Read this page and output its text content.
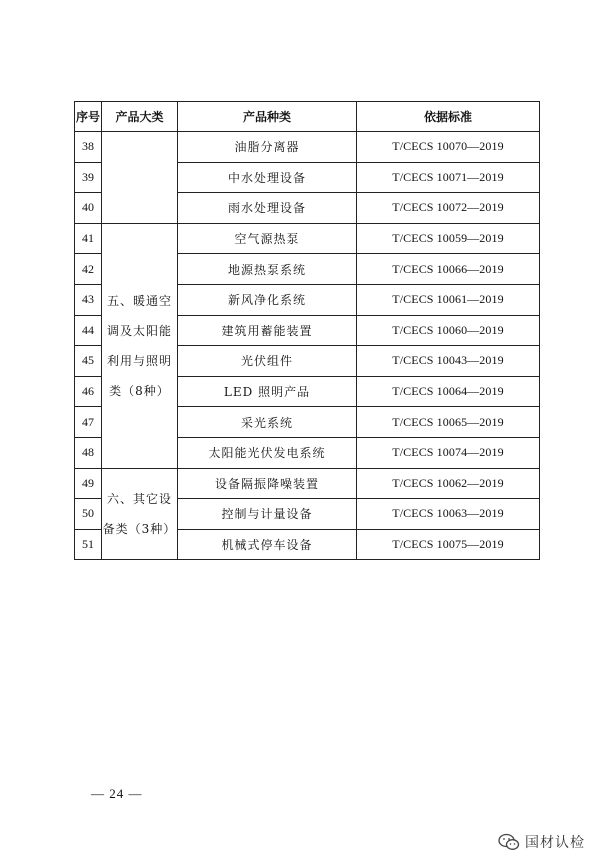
序号	产品大类	产品种类	依据标准
38		油脂分离器	T/CECS 10070—2019
39		中水处理设备	T/CECS 10071—2019
40		雨水处理设备	T/CECS 10072—2019
41	五、暖通空调及太阳能利用与照明类（8种）	空气源热泵	T/CECS 10059—2019
42		地源热泵系统	T/CECS 10066—2019
43		新风净化系统	T/CECS 10061—2019
44		建筑用蓄能装置	T/CECS 10060—2019
45		光伏组件	T/CECS 10043—2019
46		LED 照明产品	T/CECS 10064—2019
47		采光系统	T/CECS 10065—2019
48		太阳能光伏发电系统	T/CECS 10074—2019
49	六、其它设备类（3种）	设备隔振降噪装置	T/CECS 10062—2019
50		控制与计量设备	T/CECS 10063—2019
51		机械式停车设备	T/CECS 10075—2019
— 24 —
国材认检
